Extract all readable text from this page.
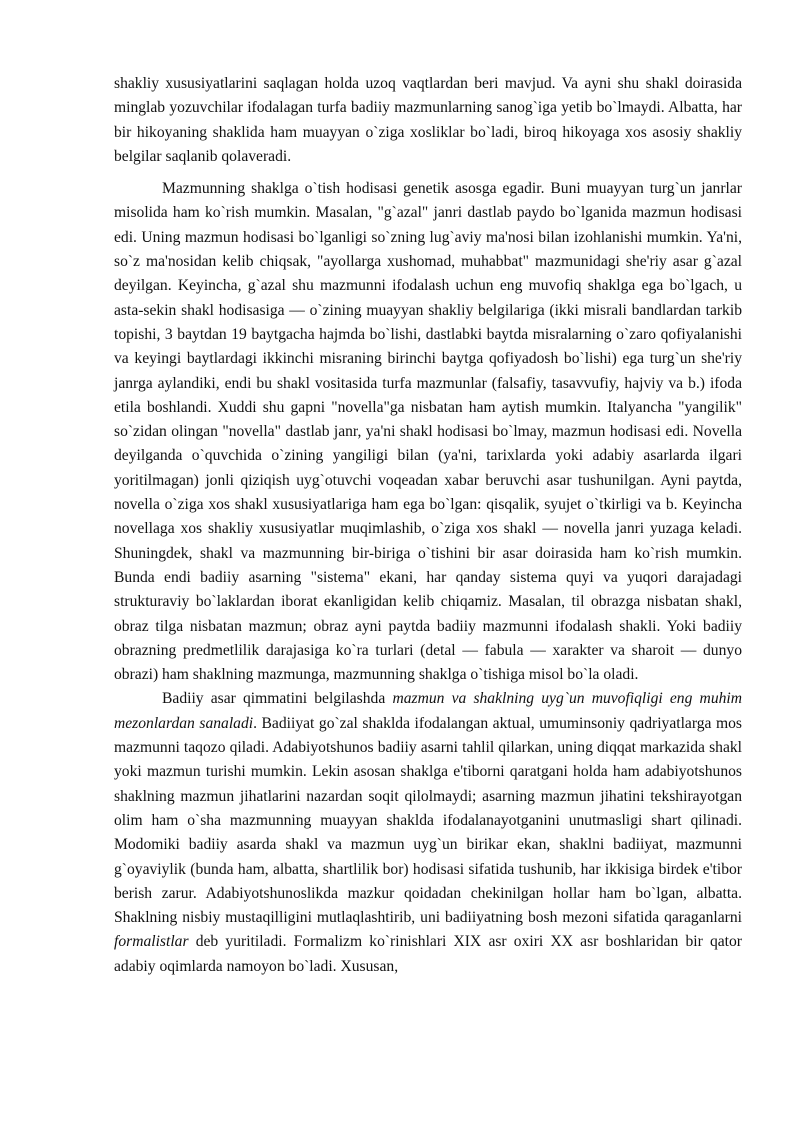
shakliy xususiyatlarini saqlagan holda uzoq vaqtlardan beri mavjud. Va ayni shu shakl doirasida minglab yozuvchilar ifodalagan turfa badiiy mazmunlarning sanog`iga yetib bo`lmaydi. Albatta, har bir hikoyaning shaklida ham muayyan o`ziga xosliklar bo`ladi, biroq hikoyaga xos asosiy shakliy belgilar saqlanib qolaveradi.

Mazmunning shaklga o`tish hodisasi genetik asosga egadir. Buni muayyan turg`un janrlar misolida ham ko`rish mumkin. Masalan, "g`azal" janri dastlab paydo bo`lganida mazmun hodisasi edi. Uning mazmun hodisasi bo`lganligi so`zning lug`aviy ma'nosi bilan izohlanishi mumkin. Ya'ni, so`z ma'nosidan kelib chiqsak, "ayollarga xushomad, muhabbat" mazmunidagi she'riy asar g`azal deyilgan. Keyincha, g`azal shu mazmunni ifodalash uchun eng muvofiq shaklga ega bo`lgach, u asta-sekin shakl hodisasiga — o`zining muayyan shakliy belgilariga (ikki misrali bandlardan tarkib topishi, 3 baytdan 19 baytgacha hajmda bo`lishi, dastlabki baytda misralarning o`zaro qofiyalanishi va keyingi baytlardagi ikkinchi misraning birinchi baytga qofiyadosh bo`lishi) ega turg`un she'riy janrga aylandiki, endi bu shakl vositasida turfa mazmunlar (falsafiy, tasavvufiy, hajviy va b.) ifoda etila boshlandi. Xuddi shu gapni "novella"ga nisbatan ham aytish mumkin. Italyancha "yangilik" so`zidan olingan "novella" dastlab janr, ya'ni shakl hodisasi bo`lmay, mazmun hodisasi edi. Novella deyilganda o`quvchida o`zining yangiligi bilan (ya'ni, tarixlarda yoki adabiy asarlarda ilgari yoritilmagan) jonli qiziqish uyg`otuvchi voqeadan xabar beruvchi asar tushunilgan. Ayni paytda, novella o`ziga xos shakl xususiyatlariga ham ega bo`lgan: qisqalik, syujet o`tkirligi va b. Keyincha novellaga xos shakliy xususiyatlar muqimlashib, o`ziga xos shakl — novella janri yuzaga keladi. Shuningdek, shakl va mazmunning bir-biriga o`tishini bir asar doirasida ham ko`rish mumkin. Bunda endi badiiy asarning "sistema" ekani, har qanday sistema quyi va yuqori darajadagi strukturaviy bo`laklardan iborat ekanligidan kelib chiqamiz. Masalan, til obrazga nisbatan shakl, obraz tilga nisbatan mazmun; obraz ayni paytda badiiy mazmunni ifodalash shakli. Yoki badiiy obrazning predmetlilik darajasiga ko`ra turlari (detal — fabula — xarakter va sharoit — dunyo obrazi) ham shaklning mazmunga, mazmunning shaklga o`tishiga misol bo`la oladi.

Badiiy asar qimmatini belgilashda mazmun va shaklning uyg`un muvofiqligi eng muhim mezonlardan sanaladi. Badiiyat go`zal shaklda ifodalangan aktual, umuminsoniy qadriyatlarga mos mazmunni taqozo qiladi. Adabiyotshunos badiiy asarni tahlil qilarkan, uning diqqat markazida shakl yoki mazmun turishi mumkin. Lekin asosan shaklga e'tiborni qaratgani holda ham adabiyotshunos shaklning mazmun jihatlarini nazardan soqit qilolmaydi; asarning mazmun jihatini tekshirayotgan olim ham o`sha mazmunning muayyan shaklda ifodalanayotganini unutmasligi shart qilinadi. Modomiki badiiy asarda shakl va mazmun uyg`un birikar ekan, shaklni badiiyat, mazmunni g`oyaviylik (bunda ham, albatta, shartlilik bor) hodisasi sifatida tushunib, har ikkisiga birdek e'tibor berish zarur. Adabiyotshunoslikda mazkur qoidadan chekinilgan hollar ham bo`lgan, albatta. Shaklning nisbiy mustaqilligini mutlaqlashtirib, uni badiiyatning bosh mezoni sifatida qaraganlarni formalistlar deb yuritiladi. Formalizm ko`rinishlari XIX asr oxiri XX asr boshlaridan bir qator adabiy oqimlarda namoyon bo`ladi. Xususan,
